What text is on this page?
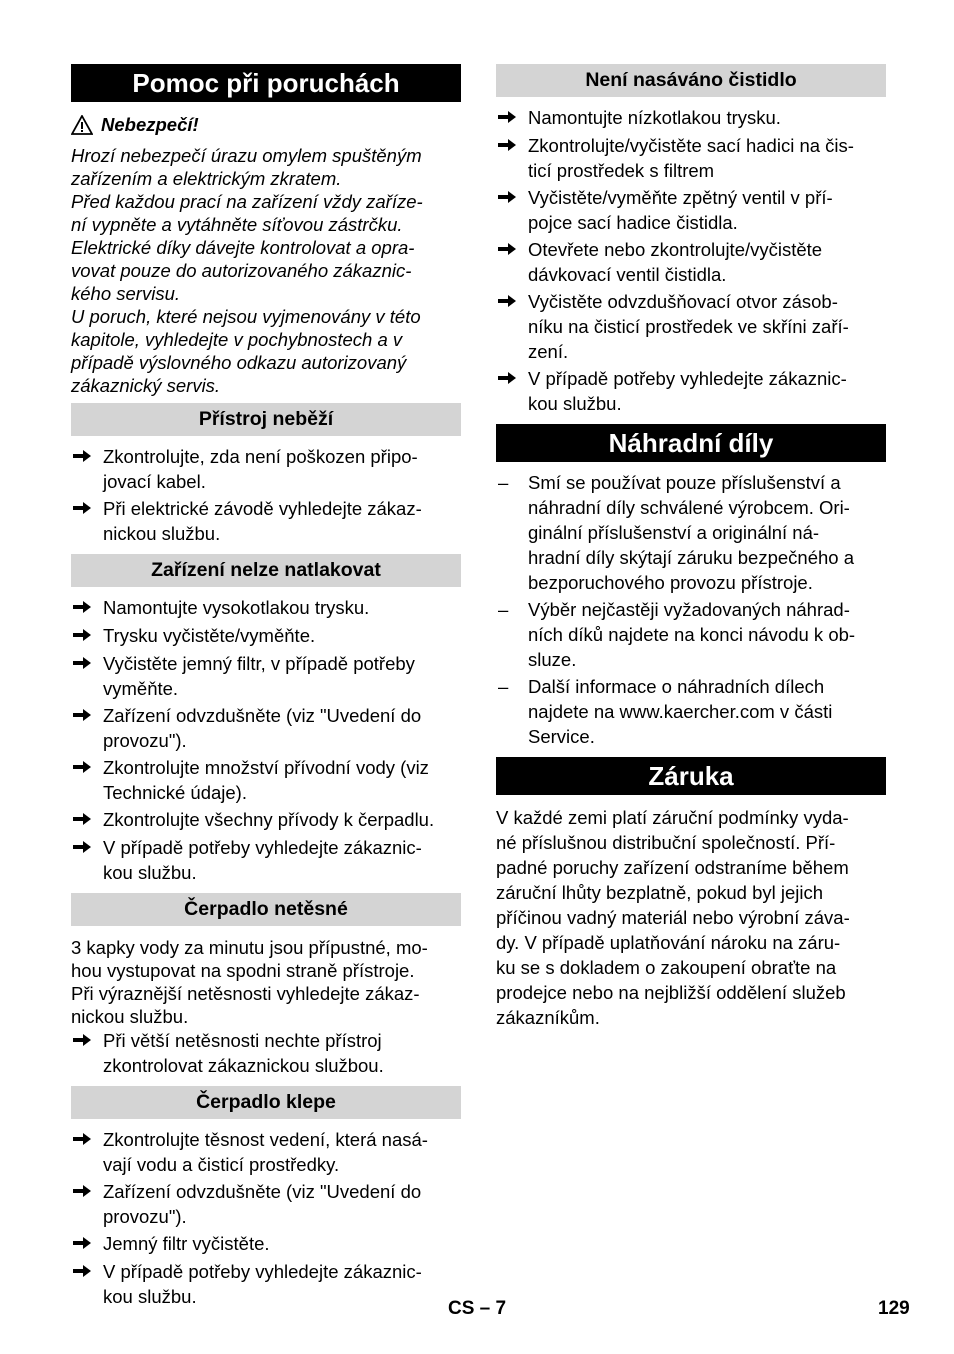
Pomoc při poruchách
Nebezpečí!

Hrozí nebezpečí úrazu omylem spuštěným
zařízením a elektrickým zkratem.
Před každou prací na zařízení vždy zaříze-
ní vypněte a vytáhněte síťovou zástrčku.
Elektrické díky dávejte kontrolovat a opra-
vovat pouze do autorizovaného zákaznic-
kého servisu.
U poruch, které nejsou vyjmenovány v této
kapitole, vyhledejte v pochybnostech a v
případě výslovného odkazu autorizovaný
zákaznický servis.

Přístroj neběží
Zkontrolujte, zda není poškozen připo-
jovací kabel.
Při elektrické závodě vyhledejte zákaz-
nickou službu.
Zařízení nelze natlakovat
Namontujte vysokotlakou trysku.
Trysku vyčistěte/vyměňte.
Vyčistěte jemný filtr, v případě potřeby
vyměňte.
Zařízení odvzdušněte (viz "Uvedení do
provozu").
Zkontrolujte množství přívodní vody (viz
Technické údaje).
Zkontrolujte všechny přívody k čerpadlu.
V případě potřeby vyhledejte zákaznic-
kou službu.
Čerpadlo netěsné

3 kapky vody za minutu jsou přípustné, mo-
hou vystupovat na spodni straně přístroje.
Při výraznější netěsnosti vyhledejte zákaz-
nickou službu.

Při větší netěsnosti nechte přístroj
zkontrolovat zákaznickou službou.
Čerpadlo klepe
Zkontrolujte těsnost vedení, která nasá-
vají vodu a čisticí prostředky.
Zařízení odvzdušněte (viz "Uvedení do
provozu").
Jemný filtr vyčistěte.
V případě potřeby vyhledejte zákaznic-
kou službu.
Není nasáváno čistidlo
Namontujte nízkotlakou trysku.
Zkontrolujte/vyčistěte sací hadici na čis-
ticí prostředek s filtrem
Vyčistěte/vyměňte zpětný ventil v pří-
pojce sací hadice čistidla.
Otevřete nebo zkontrolujte/vyčistěte
dávkovací ventil čistidla.
Vyčistěte odvzdušňovací otvor zásob-
níku na čisticí prostředek ve skříni zaří-
zení.
V případě potřeby vyhledejte zákaznic-
kou službu.
Náhradní díly
–	Smí se používat pouze příslušenství a
náhradní díly schválené výrobcem. Ori-
ginální příslušenství a originální ná-
hradní díly skýtají záruku bezpečného a
bezporuchového provozu přístroje.
–	Výběr nejčastěji vyžadovaných náhrad-
ních díků najdete na konci návodu k ob-
sluze.
–	Další informace o náhradních dílech
najdete na www.kaercher.com v části
Service.
Záruka

V každé zemi platí záruční podmínky vyda-
né příslušnou distribuční společností. Pří-
padné poruchy zařízení odstraníme během
záruční lhůty bezplatně, pokud byl jejich
příčinou vadný materiál nebo výrobní záva-
dy. V případě uplatňování nároku na záru-
ku se s dokladem o zakoupení obraťte na
prodejce nebo na nejbližší oddělení služeb
zákazníkům.

CS – 7	129
